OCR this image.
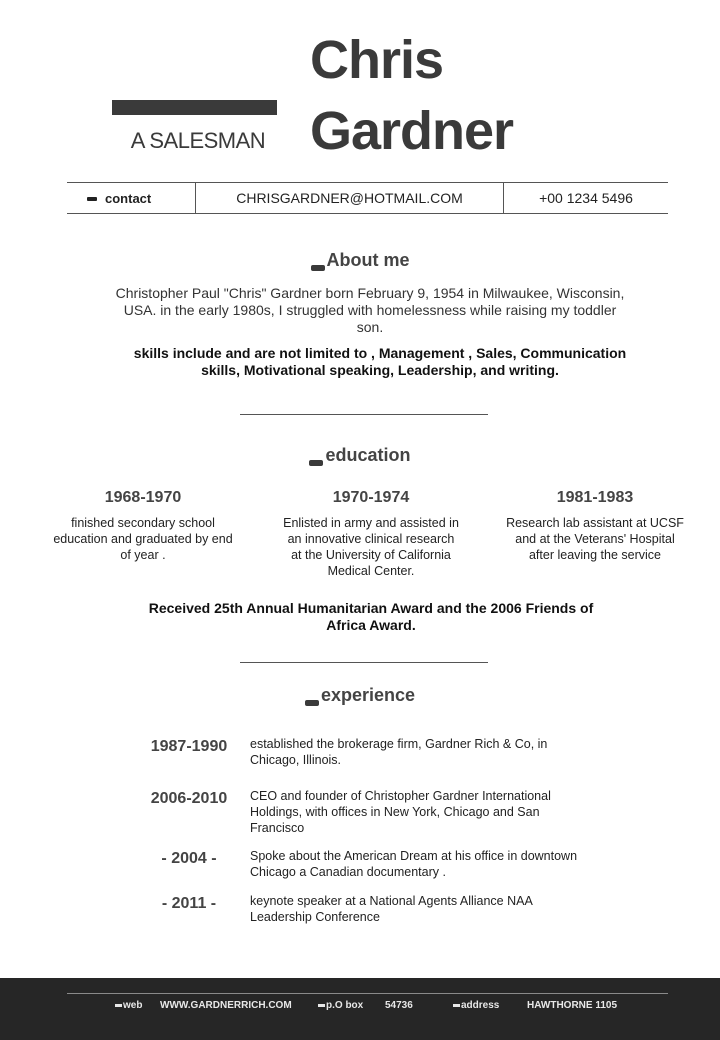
A SALESMAN
Chris
Gardner
contact	CHRISGARDNER@HOTMAIL.COM	+00 1234 5496
About me
Christopher Paul "Chris" Gardner born February 9, 1954 in Milwaukee, Wisconsin, USA. in the early 1980s, I struggled with homelessness while raising my toddler son.
skills include and are not limited to , Management , Sales, Communication skills, Motivational speaking, Leadership, and writing.
education
1968-1970
finished secondary school education and graduated by end of year .
1970-1974
Enlisted in army and assisted in an innovative clinical research at the University of California Medical Center.
1981-1983
Research lab assistant at UCSF and at the Veterans' Hospital after leaving the service
Received 25th Annual Humanitarian Award and the 2006 Friends of Africa Award.
experience
1987-1990	established the brokerage firm, Gardner Rich & Co, in Chicago, Illinois.
2006-2010	CEO and founder of Christopher Gardner International Holdings, with offices in New York, Chicago and San Francisco
- 2004 -	Spoke about the American Dream at his office in downtown Chicago a Canadian documentary .
- 2011 -	keynote speaker at a National Agents Alliance NAA Leadership Conference
web WWW.GARDNERRICH.COM	p.O box 54736	address	HAWTHORNE 1105
